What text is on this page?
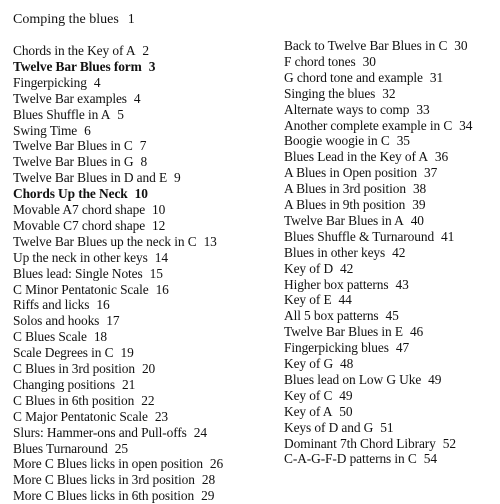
Comping the blues 1
Chords in the Key of A 2
Twelve Bar Blues form 3
Fingerpicking 4
Twelve Bar examples 4
Blues Shuffle in A 5
Swing Time 6
Twelve Bar Blues in C 7
Twelve Bar Blues in G 8
Twelve Bar Blues in D and E 9
Chords Up the Neck 10
Movable A7 chord shape 10
Movable C7 chord shape 12
Twelve Bar Blues up the neck in C 13
Up the neck in other keys 14
Blues lead: Single Notes 15
C Minor Pentatonic Scale 16
Riffs and licks 16
Solos and hooks 17
C Blues Scale 18
Scale Degrees in C 19
C Blues in 3rd position 20
Changing positions 21
C Blues in 6th position 22
C Major Pentatonic Scale 23
Slurs: Hammer-ons and Pull-offs 24
Blues Turnaround 25
More C Blues licks in open position 26
More C Blues licks in 3rd position 28
More C Blues licks in 6th position 29
Back to Twelve Bar Blues in C 30
F chord tones 30
G chord tone and example 31
Singing the blues 32
Alternate ways to comp 33
Another complete example in C 34
Boogie woogie in C 35
Blues Lead in the Key of A 36
A Blues in Open position 37
A Blues in 3rd position 38
A Blues in 9th position 39
Twelve Bar Blues in A 40
Blues Shuffle & Turnaround 41
Blues in other keys 42
Key of D 42
Higher box patterns 43
Key of E 44
All 5 box patterns 45
Twelve Bar Blues in E 46
Fingerpicking blues 47
Key of G 48
Blues lead on Low G Uke 49
Key of C 49
Key of A 50
Keys of D and G 51
Dominant 7th Chord Library 52
C-A-G-F-D patterns in C 54
